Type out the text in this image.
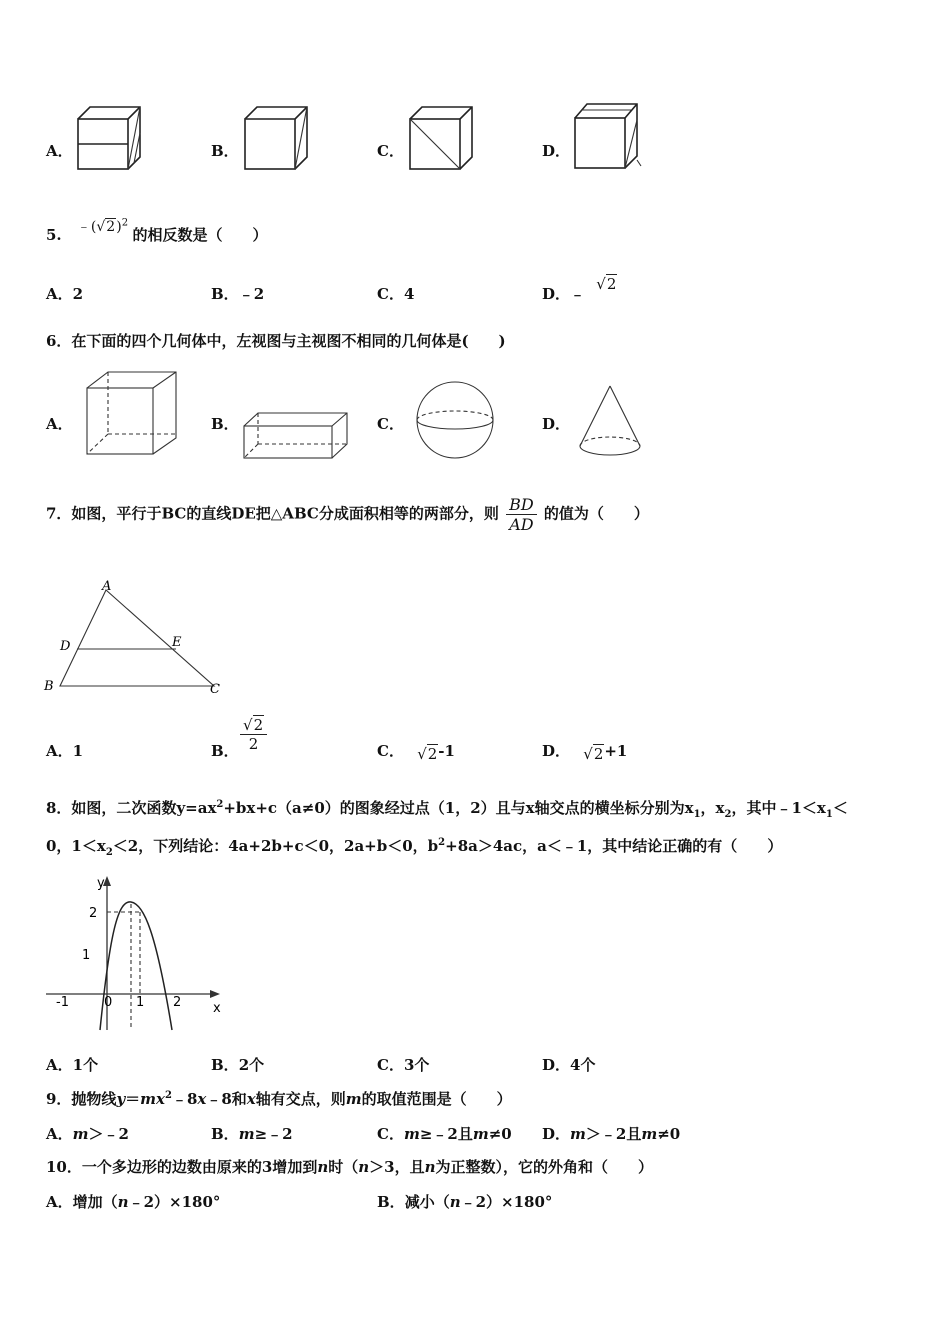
A．	B．	C．	D．
5. $﹣(√2)^2$ 的相反数是（　　）
A．2	B．﹣2	C．4	D．﹣ √2
6．在下面的四个几何体中，左视图与主视图不相同的几何体是(　　)
A．	B．	C．	D．
7．如图，平行于BC的直线DE把△ABC分成面积相等的两部分，则 $\frac{BD}{AD}$ 的值为（　　）
A
D	E
B	C
A．1	B． $\frac{√2}{2}$	C． √2-1	D． √2+1
8．如图，二次函数$y=ax^2+bx+c(a\ne 0)$的图象经过点（1，2）且与x轴交点的横坐标分别为$x_1$，$x_2$，其中$﹣1<x_1<$
0，$1<x_2<2$，下列结论：4a+2b+c＜0，2a+b＜0，$b^2+8a>4ac$，a＜﹣1，其中结论正确的有（　　）
y
x
2
1
-1	0 1 2
A．1个	B．2个	C．3个	D．4个
9．抛物线$y=mx^2﹣8x﹣8$和x轴有交点，则m的取值范围是（　　）
A．m＞﹣2	B．m≥﹣2	C．m≥﹣2且m≠0 D．m＞﹣2且m≠0
10．一个多边形的边数由原来的3增加到n时（n＞3，且n为正整数），它的外角和（　　）
A．增加（n﹣2）×180°	B．减小（n﹣2）×180°
